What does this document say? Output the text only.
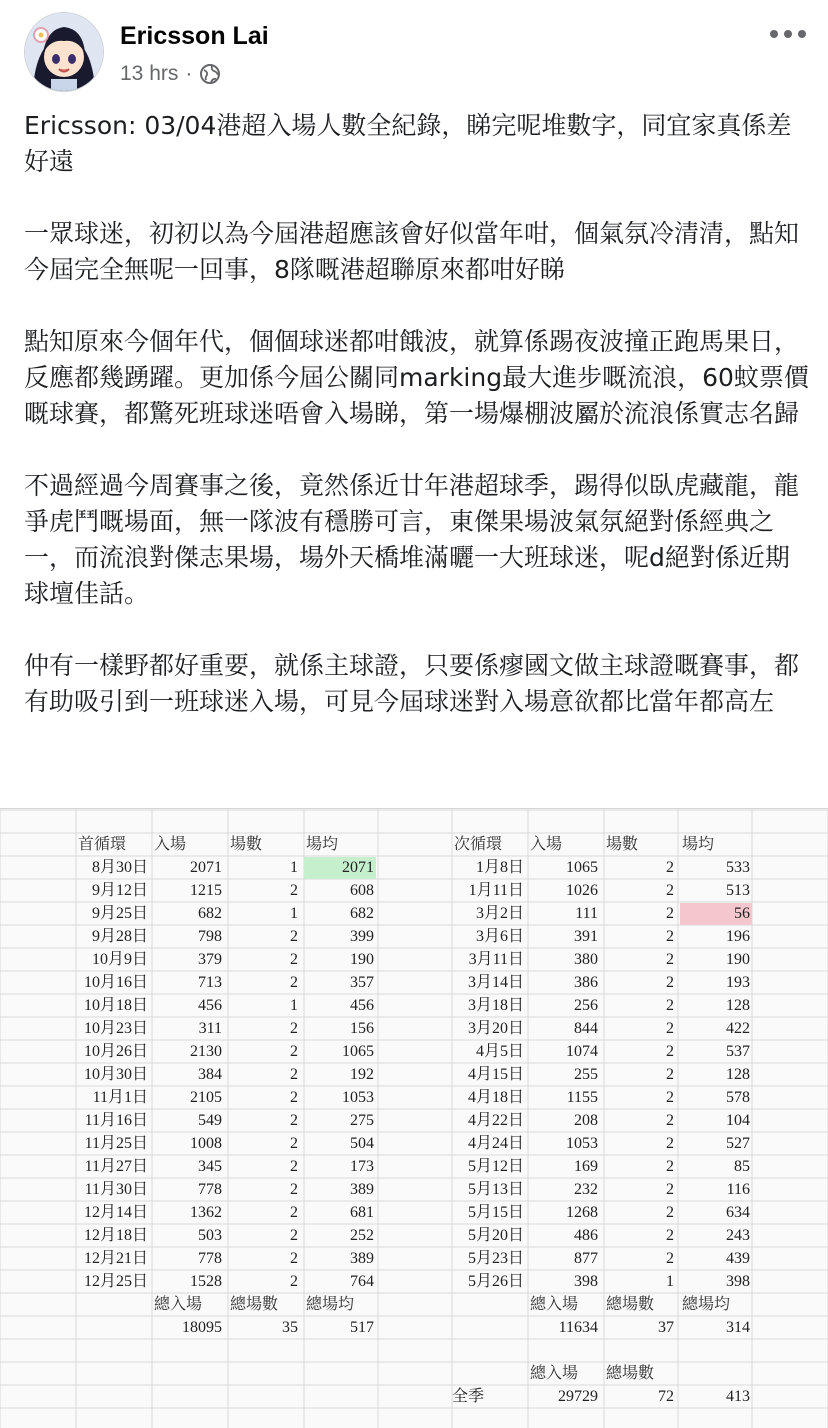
Ericsson Lai
13 hrs ·

Ericsson: 03/04港超入場人數全紀錄，睇完呢堆數字，同宜家真係差好遠

一眾球迷，初初以為今屆港超應該會好似當年咁，個氣氛冷清清，點知今屆完全無呢一回事，8隊嘅港超聯原來都咁好睇

點知原來今個年代，個個球迷都咁餓波，就算係踢夜波撞正跑馬果日，反應都幾踴躍。更加係今屆公關同marking最大進步嘅流浪，60蚊票價嘅球賽，都驚死班球迷唔會入場睇，第一場爆棚波屬於流浪係實志名歸

不過經過今周賽事之後，竟然係近廿年港超球季，踢得似臥虎藏龍，龍爭虎鬥嘅場面，無一隊波有穩勝可言，東傑果場波氣氛絕對係經典之一，而流浪對傑志果場，場外天橋堆滿曬一大班球迷，呢d絕對係近期球壇佳話。

仲有一樣野都好重要，就係主球證，只要係瘳國文做主球證嘅賽事，都有助吸引到一班球迷入場，可見今屆球迷對入場意欲都比當年都高左

首循環	入場	場數	場均
8月30日	2071	1	2071
9月12日	1215	2	608
9月25日	682	1	682
9月28日	798	2	399
10月9日	379	2	190
10月16日	713	2	357
10月18日	456	1	456
10月23日	311	2	156
10月26日	2130	2	1065
10月30日	384	2	192
11月1日	2105	2	1053
11月16日	549	2	275
11月25日	1008	2	504
11月27日	345	2	173
11月30日	778	2	389
12月14日	1362	2	681
12月18日	503	2	252
12月21日	778	2	389
12月25日	1528	2	764
總入場	總場數	總場均
18095	35	517
次循環	入場	場數	場均
1月8日	1065	2	533
1月11日	1026	2	513
3月2日	111	2	56
3月6日	391	2	196
3月11日	380	2	190
3月14日	386	2	193
3月18日	256	2	128
3月20日	844	2	422
4月5日	1074	2	537
4月15日	255	2	128
4月18日	1155	2	578
4月22日	208	2	104
4月24日	1053	2	527
5月12日	169	2	85
5月13日	232	2	116
5月15日	1268	2	634
5月20日	486	2	243
5月23日	877	2	439
5月26日	398	1	398
總入場	總場數	總場均
11634	37	314
總入場	總場數
全季	29729	72	413
